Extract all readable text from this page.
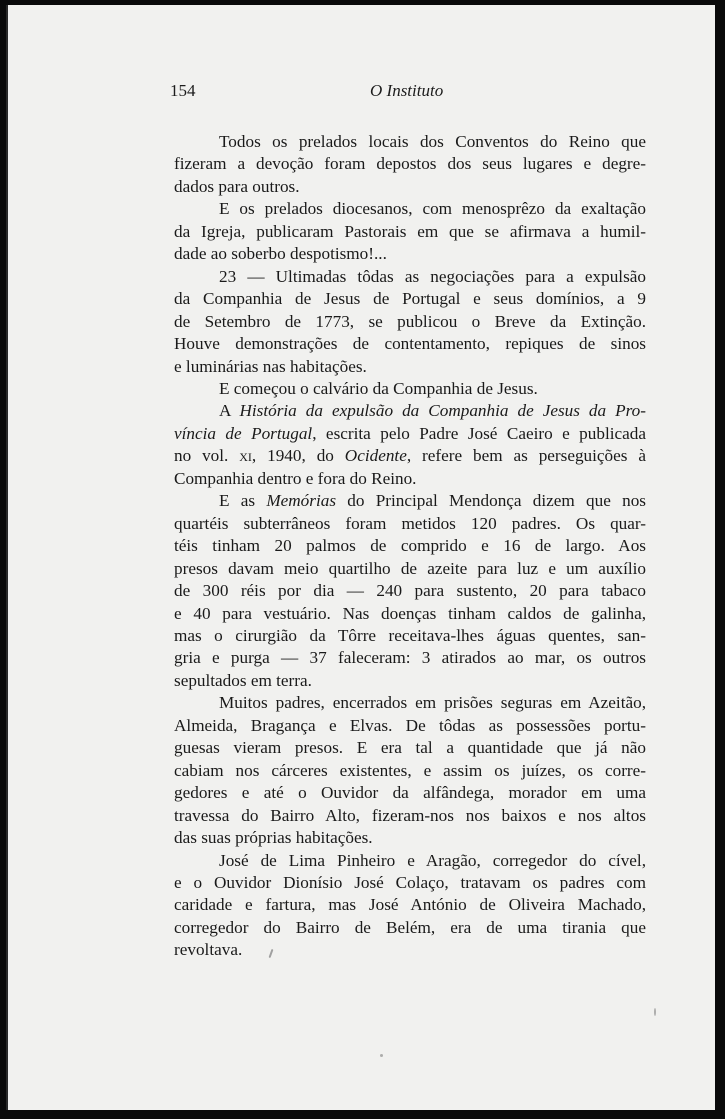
154	O Instituto
Todos os prelados locais dos Conventos do Reino que
fizeram a devoção foram depostos dos seus lugares e degre-
dados para outros.
E os prelados diocesanos, com menosprêzo da exaltação
da Igreja, publicaram Pastorais em que se afirmava a humil-
dade ao soberbo despotismo!...
23 — Ultimadas tôdas as negociações para a expulsão
da Companhia de Jesus de Portugal e seus domínios, a 9
de Setembro de 1773, se publicou o Breve da Extinção.
Houve demonstrações de contentamento, repiques de sinos
e luminárias nas habitações.
E começou o calvário da Companhia de Jesus.
A História da expulsão da Companhia de Jesus da Pro-
víncia de Portugal, escrita pelo Padre José Caeiro e publicada
no vol. xi, 1940, do Ocidente, refere bem as perseguições à
Companhia dentro e fora do Reino.
E as Memórias do Principal Mendonça dizem que nos
quartéis subterrâneos foram metidos 120 padres. Os quar-
téis tinham 20 palmos de comprido e 16 de largo. Aos
presos davam meio quartilho de azeite para luz e um auxílio
de 300 réis por dia — 240 para sustento, 20 para tabaco
e 40 para vestuário. Nas doenças tinham caldos de galinha,
mas o cirurgião da Tôrre receitava-lhes águas quentes, san-
gria e purga — 37 faleceram: 3 atirados ao mar, os outros
sepultados em terra.
Muitos padres, encerrados em prisões seguras em Azeitão,
Almeida, Bragança e Elvas. De tôdas as possessões portu-
guesas vieram presos. E era tal a quantidade que já não
cabiam nos cárceres existentes, e assim os juízes, os corre-
gedores e até o Ouvidor da alfândega, morador em uma
travessa do Bairro Alto, fizeram-nos nos baixos e nos altos
das suas próprias habitações.
José de Lima Pinheiro e Aragão, corregedor do cível,
e o Ouvidor Dionísio José Colaço, tratavam os padres com
caridade e fartura, mas José António de Oliveira Machado,
corregedor do Bairro de Belém, era de uma tirania que
revoltava.
